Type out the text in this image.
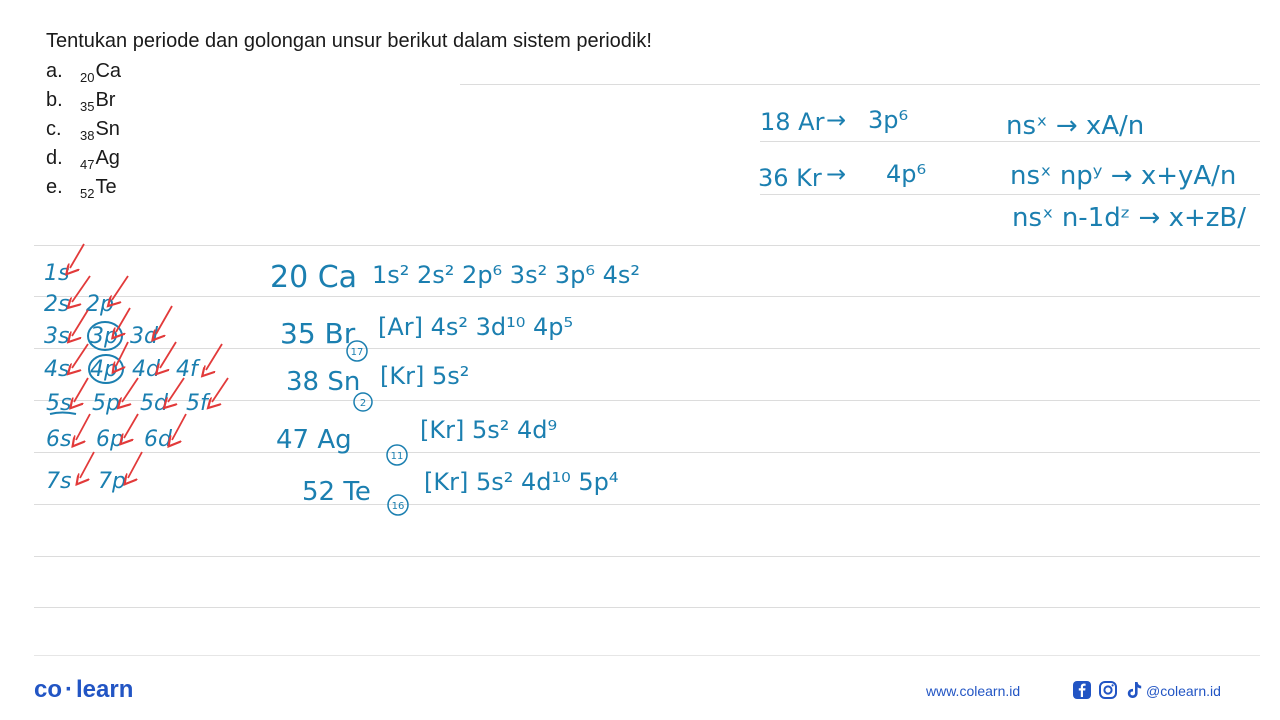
Tentukan periode dan golongan unsur berikut dalam sistem periodik!
a. $_{20}$Ca
b. $_{35}$Br
c. $_{38}$Sn
d. $_{47}$Ag
e. $_{52}$Te
1s
2s 2p
3s 3p 3d
4s 4p 4d 4f
5s 5p 5d 5f
6s 6p 6d
7s 7p
20 Ca 1s² 2s² 2p⁶ 3s² 3p⁶ 4s²
35 Br
17
[Ar] 4s² 3d¹⁰ 4p⁵
38 Sn
2
[Kr] 5s²
47 Ag
11
[Kr] 5s² 4d⁹
52 Te 16
[Kr] 5s² 4d¹⁰ 5p⁴
18 Ar → 3p⁶
36 Kr → 4p⁶
nsˣ → xA/n
nsˣ npʸ → x+yA/n
nsˣ n-1dᶻ → x+zB/
co · learn	www.colearn.id	@colearn.id
